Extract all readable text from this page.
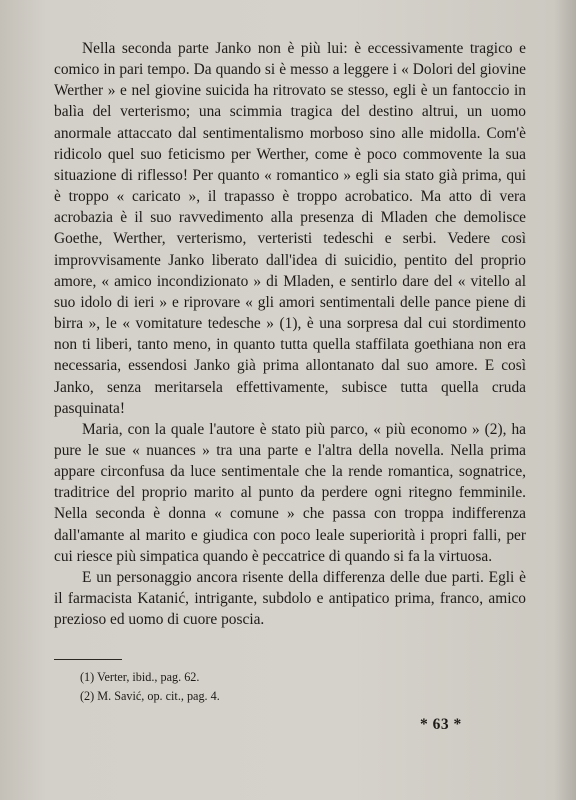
Nella seconda parte Janko non è più lui: è eccessivamente tragico e comico in pari tempo. Da quando si è messo a leggere i « Dolori del giovine Werther » e nel giovine suicida ha ritrovato se stesso, egli è un fantoccio in balìa del verterismo; una scimmia tragica del destino altrui, un uomo anormale attaccato dal sentimentalismo morboso sino alle midolla. Com'è ridicolo quel suo feticismo per Werther, come è poco commovente la sua situazione di riflesso! Per quanto « romantico » egli sia stato già prima, qui è troppo « caricato », il trapasso è troppo acrobatico. Ma atto di vera acrobazia è il suo ravvedimento alla presenza di Mladen che demolisce Goethe, Werther, verterismo, verteristi tedeschi e serbi. Vedere così improvvisamente Janko liberato dall'idea di suicidio, pentito del proprio amore, « amico incondizionato » di Mladen, e sentirlo dare del « vitello al suo idolo di ieri » e riprovare « gli amori sentimentali delle pance piene di birra », le « vomitature tedesche » (1), è una sorpresa dal cui stordimento non ti liberi, tanto meno, in quanto tutta quella staffilata goethiana non era necessaria, essendosi Janko già prima allontanato dal suo amore. E così Janko, senza meritarsela effettivamente, subisce tutta quella cruda pasquinata!

Maria, con la quale l'autore è stato più parco, « più economo » (2), ha pure le sue « nuances » tra una parte e l'altra della novella. Nella prima appare circonfusa da luce sentimentale che la rende romantica, sognatrice, traditrice del proprio marito al punto da perdere ogni ritegno femminile. Nella seconda è donna « comune » che passa con troppa indifferenza dall'amante al marito e giudica con poco leale superiorità i propri falli, per cui riesce più simpatica quando è peccatrice di quando si fa la virtuosa.

E un personaggio ancora risente della differenza delle due parti. Egli è il farmacista Katanić, intrigante, subdolo e antipatico prima, franco, amico prezioso ed uomo di cuore poscia.

(1) Verter, ibid., pag. 62.
(2) M. Savić, op. cit., pag. 4.
* 63 *
